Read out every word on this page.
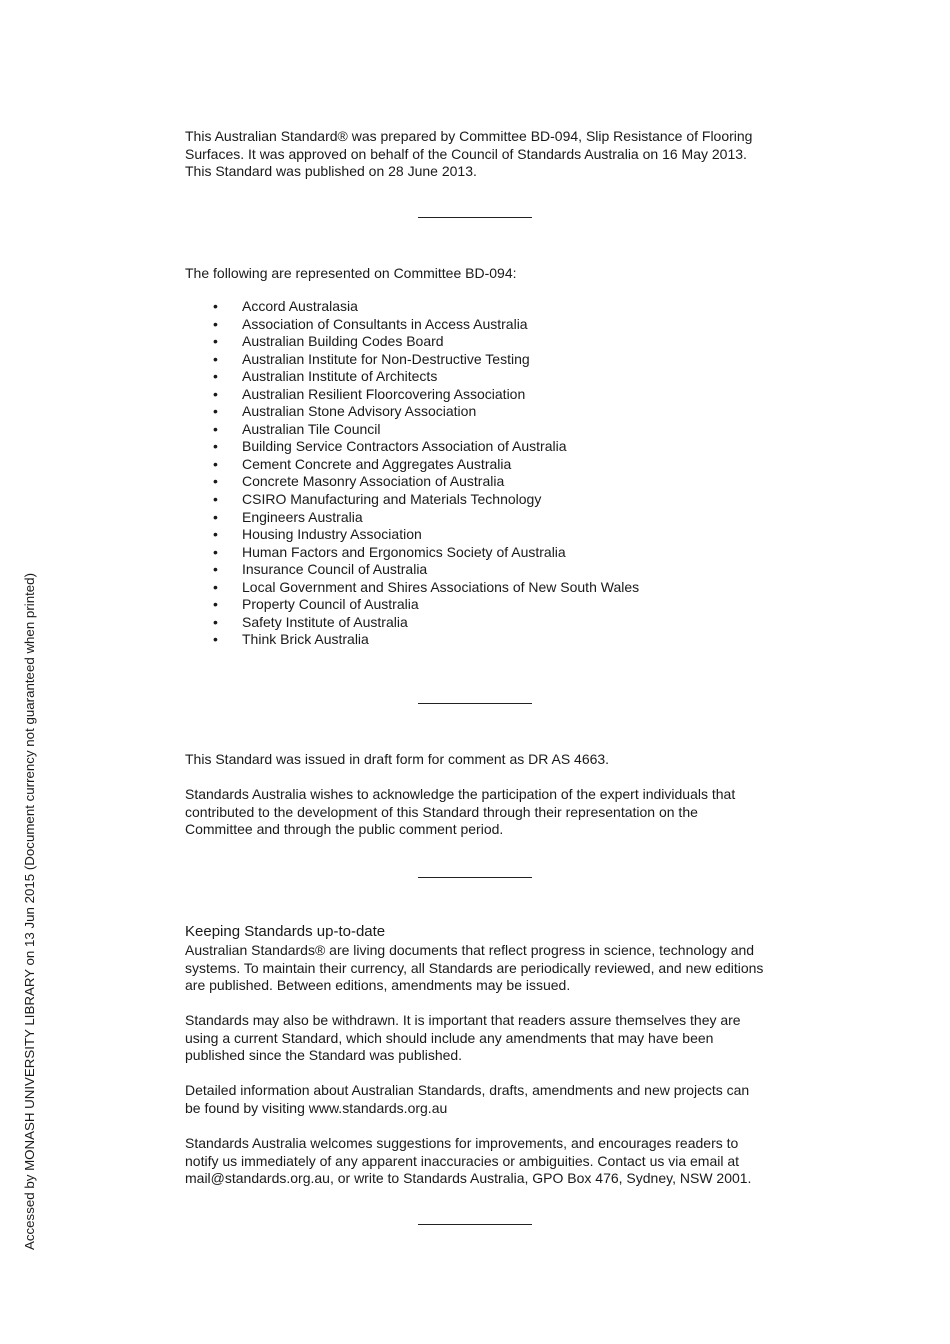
Accessed by MONASH UNIVERSITY LIBRARY on 13 Jun 2015 (Document currency not guaranteed when printed)

This Australian Standard® was prepared by Committee BD-094, Slip Resistance of Flooring
Surfaces. It was approved on behalf of the Council of Standards Australia on 16 May 2013.
This Standard was published on 28 June 2013.

The following are represented on Committee BD-094:

• Accord Australasia
• Association of Consultants in Access Australia
• Australian Building Codes Board
• Australian Institute for Non-Destructive Testing
• Australian Institute of Architects
• Australian Resilient Floorcovering Association
• Australian Stone Advisory Association
• Australian Tile Council
• Building Service Contractors Association of Australia
• Cement Concrete and Aggregates Australia
• Concrete Masonry Association of Australia
• CSIRO Manufacturing and Materials Technology
• Engineers Australia
• Housing Industry Association
• Human Factors and Ergonomics Society of Australia
• Insurance Council of Australia
• Local Government and Shires Associations of New South Wales
• Property Council of Australia
• Safety Institute of Australia
• Think Brick Australia

This Standard was issued in draft form for comment as DR AS 4663.

Standards Australia wishes to acknowledge the participation of the expert individuals that
contributed to the development of this Standard through their representation on the
Committee and through the public comment period.

Keeping Standards up-to-date

Australian Standards® are living documents that reflect progress in science, technology and
systems. To maintain their currency, all Standards are periodically reviewed, and new editions
are published. Between editions, amendments may be issued.

Standards may also be withdrawn. It is important that readers assure themselves they are
using a current Standard, which should include any amendments that may have been
published since the Standard was published.

Detailed information about Australian Standards, drafts, amendments and new projects can
be found by visiting www.standards.org.au

Standards Australia welcomes suggestions for improvements, and encourages readers to
notify us immediately of any apparent inaccuracies or ambiguities. Contact us via email at
mail@standards.org.au, or write to Standards Australia, GPO Box 476, Sydney, NSW 2001.
